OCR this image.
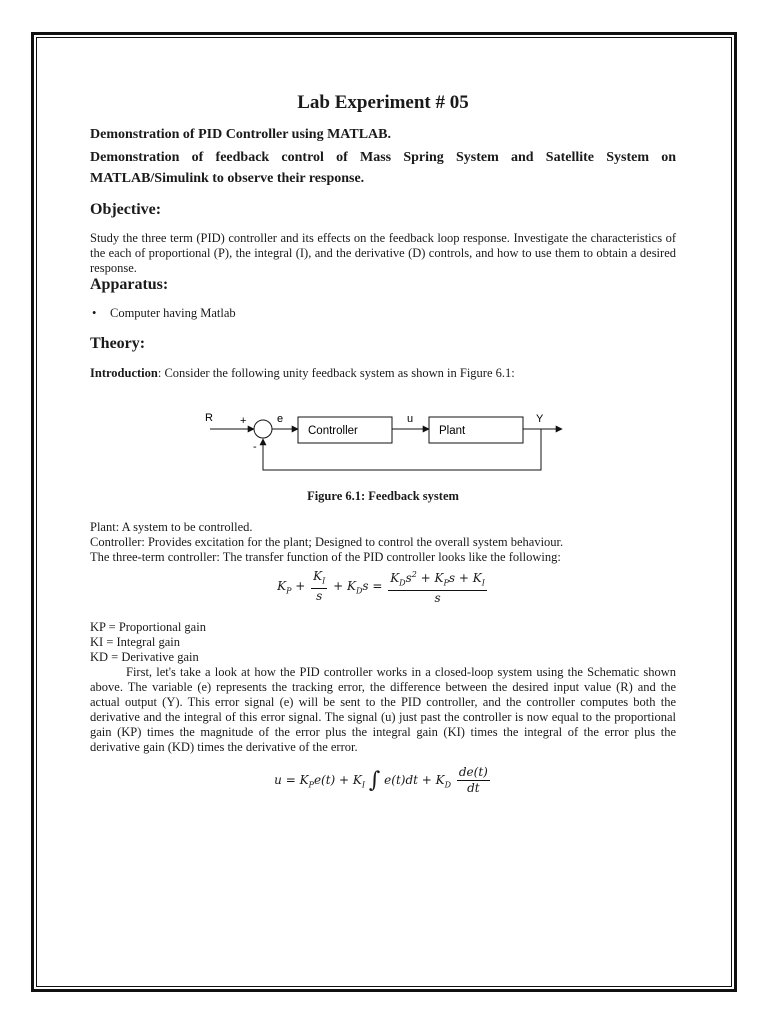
Lab Experiment # 05

Demonstration of PID Controller using MATLAB.

Demonstration of feedback control of Mass Spring System and Satellite System on MATLAB/Simulink to observe their response.

Objective:

Study the three term (PID) controller and its effects on the feedback loop response. Investigate the characteristics of the each of proportional (P), the integral (I), and the derivative (D) controls, and how to use them to obtain a desired response.

Apparatus:

• Computer having Matlab

Theory:

Introduction: Consider the following unity feedback system as shown in Figure 6.1:

R +
-
e
Controller
u
Plant
Y

Figure 6.1: Feedback system

Plant: A system to be controlled.

Controller: Provides excitation for the plant; Designed to control the overall system behaviour.

The three-term controller: The transfer function of the PID controller looks like the following:

$K_P + \frac{K_I}{s} + K_Ds = \frac{K_Ds^2 + K_Ps + K_I}{s}$

KP = Proportional gain

KI = Integral gain

KD = Derivative gain

First, let's take a look at how the PID controller works in a closed-loop system using the Schematic shown above. The variable (e) represents the tracking error, the difference between the desired input value (R) and the actual output (Y). This error signal (e) will be sent to the PID controller, and the controller computes both the derivative and the integral of this error signal. The signal (u) just past the controller is now equal to the proportional gain (KP) times the magnitude of the error plus the integral gain (KI) times the integral of the error plus the derivative gain (KD) times the derivative of the error.

$u = K_Pe(t) + K_I$ ∫ $e(t)dt + K_D \frac{de(t)}{dt}$
